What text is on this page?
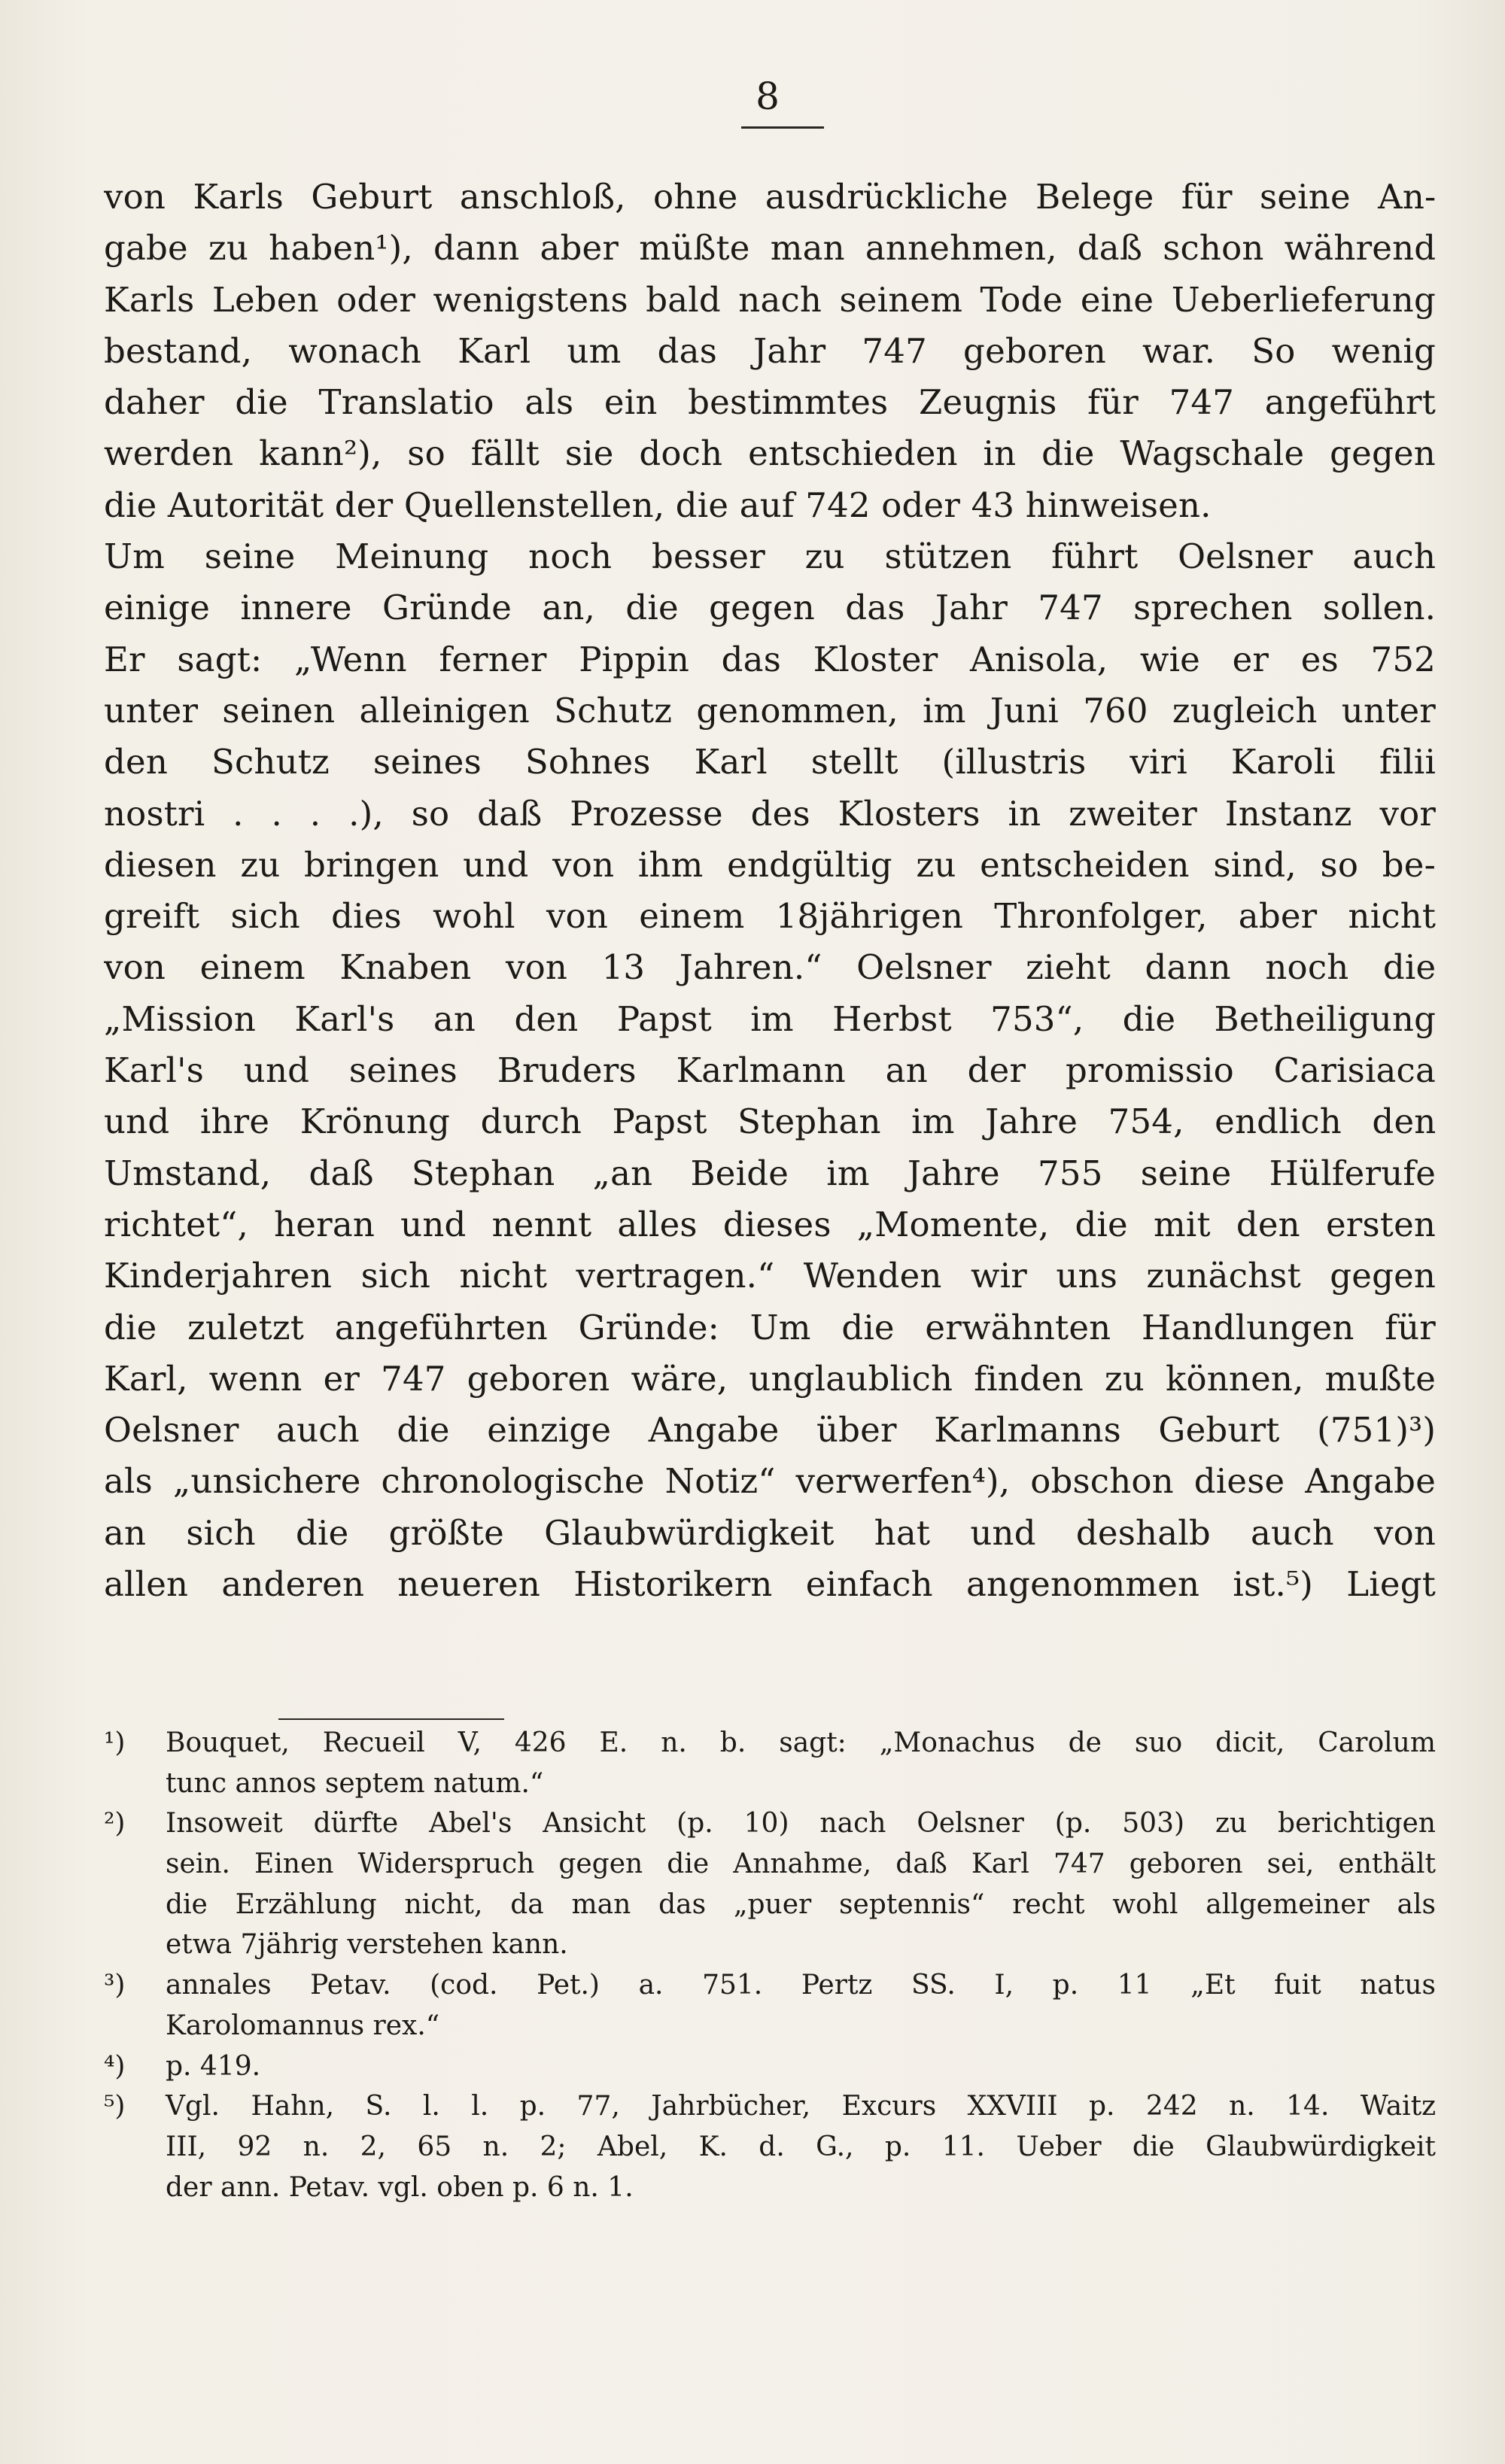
8
von Karls Geburt anschloß, ohne ausdrückliche Belege für seine An-
gabe zu haben¹), dann aber müßte man annehmen, daß schon während
Karls Leben oder wenigstens bald nach seinem Tode eine Ueberlieferung
bestand, wonach Karl um das Jahr 747 geboren war. So wenig
daher die Translatio als ein bestimmtes Zeugnis für 747 angeführt
werden kann²), so fällt sie doch entschieden in die Wagschale gegen
die Autorität der Quellenstellen, die auf 742 oder 43 hinweisen.
Um seine Meinung noch besser zu stützen führt Oelsner auch
einige innere Gründe an, die gegen das Jahr 747 sprechen sollen.
Er sagt: „Wenn ferner Pippin das Kloster Anisola, wie er es 752
unter seinen alleinigen Schutz genommen, im Juni 760 zugleich unter
den Schutz seines Sohnes Karl stellt (illustris viri Karoli filii
nostri . . . .), so daß Prozesse des Klosters in zweiter Instanz vor
diesen zu bringen und von ihm endgültig zu entscheiden sind, so be-
greift sich dies wohl von einem 18jährigen Thronfolger, aber nicht
von einem Knaben von 13 Jahren.“ Oelsner zieht dann noch die
„Mission Karl's an den Papst im Herbst 753“, die Betheiligung
Karl's und seines Bruders Karlmann an der promissio Carisiaca
und ihre Krönung durch Papst Stephan im Jahre 754, endlich den
Umstand, daß Stephan „an Beide im Jahre 755 seine Hülferufe
richtet“, heran und nennt alles dieses „Momente, die mit den ersten
Kinderjahren sich nicht vertragen.“ Wenden wir uns zunächst gegen
die zuletzt angeführten Gründe: Um die erwähnten Handlungen für
Karl, wenn er 747 geboren wäre, unglaublich finden zu können, mußte
Oelsner auch die einzige Angabe über Karlmanns Geburt (751)³)
als „unsichere chronologische Notiz“ verwerfen⁴), obschon diese Angabe
an sich die größte Glaubwürdigkeit hat und deshalb auch von
allen anderen neueren Historikern einfach angenommen ist.⁵) Liegt
¹) Bouquet, Recueil V, 426 E. n. b. sagt: „Monachus de suo dicit, Carolum
tunc annos septem natum.“
²) Insoweit dürfte Abel's Ansicht (p. 10) nach Oelsner (p. 503) zu berichtigen
sein. Einen Widerspruch gegen die Annahme, daß Karl 747 geboren sei, enthält
die Erzählung nicht, da man das „puer septennis“ recht wohl allgemeiner als
etwa 7jährig verstehen kann.
³) annales Petav. (cod. Pet.) a. 751. Pertz SS. I, p. 11 „Et fuit natus
Karolomannus rex.“
⁴) p. 419.
⁵) Vgl. Hahn, S. l. l. p. 77, Jahrbücher, Excurs XXVIII p. 242 n. 14. Waitz
III, 92 n. 2, 65 n. 2; Abel, K. d. G., p. 11. Ueber die Glaubwürdigkeit
der ann. Petav. vgl. oben p. 6 n. 1.
